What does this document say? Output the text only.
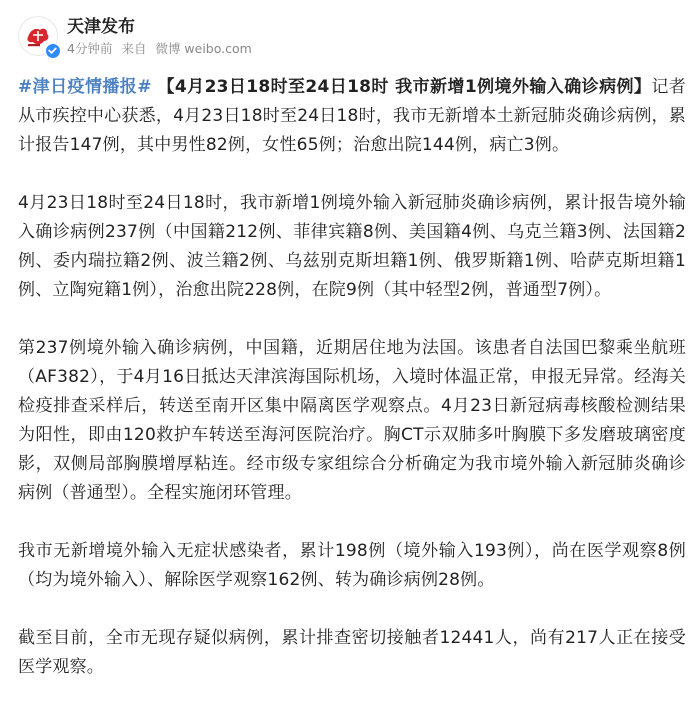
天津发布
4分钟前 来自 微博 weibo.com

#津日疫情播报# 【4月23日18时至24日18时 我市新增1例境外输入确诊病例】记者从市疾控中心获悉，4月23日18时至24日18时，我市无新增本土新冠肺炎确诊病例，累计报告147例，其中男性82例，女性65例；治愈出院144例，病亡3例。

4月23日18时至24日18时，我市新增1例境外输入新冠肺炎确诊病例，累计报告境外输入确诊病例237例（中国籍212例、菲律宾籍8例、美国籍4例、乌克兰籍3例、法国籍2例、委内瑞拉籍2例、波兰籍2例、乌兹别克斯坦籍1例、俄罗斯籍1例、哈萨克斯坦籍1例、立陶宛籍1例），治愈出院228例，在院9例（其中轻型2例，普通型7例）。

第237例境外输入确诊病例，中国籍，近期居住地为法国。该患者自法国巴黎乘坐航班（AF382），于4月16日抵达天津滨海国际机场，入境时体温正常，申报无异常。经海关检疫排查采样后，转送至南开区集中隔离医学观察点。4月23日新冠病毒核酸检测结果为阳性，即由120救护车转送至海河医院治疗。胸CT示双肺多叶胸膜下多发磨玻璃密度影，双侧局部胸膜增厚粘连。经市级专家组综合分析确定为我市境外输入新冠肺炎确诊病例（普通型）。全程实施闭环管理。

我市无新增境外输入无症状感染者，累计198例（境外输入193例），尚在医学观察8例（均为境外输入）、解除医学观察162例、转为确诊病例28例。

截至目前，全市无现存疑似病例，累计排查密切接触者12441人，尚有217人正在接受医学观察。
